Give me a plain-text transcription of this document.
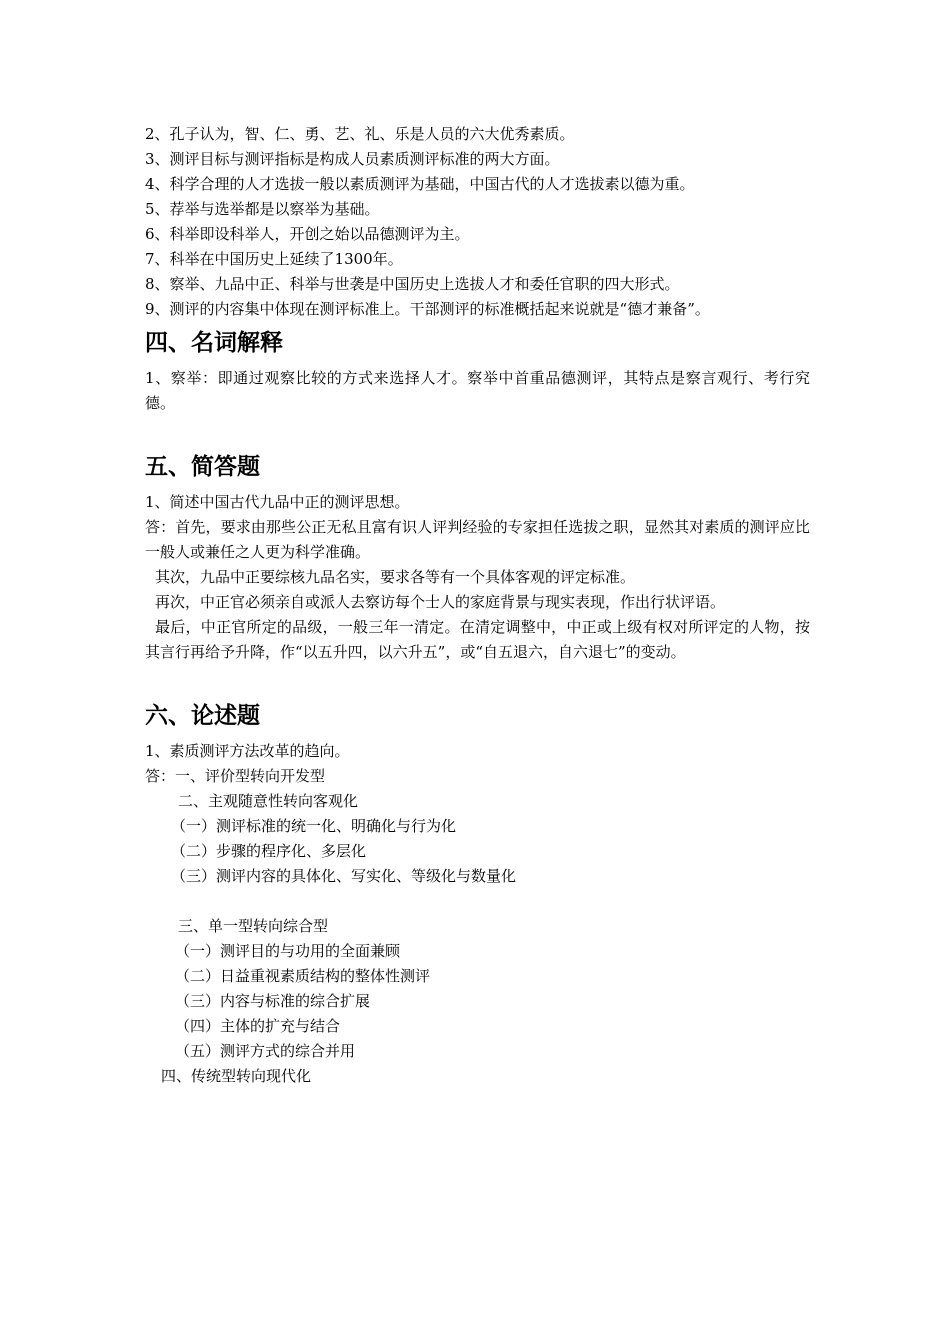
2、孔子认为，智、仁、勇、艺、礼、乐是人员的六大优秀素质。
3、测评目标与测评指标是构成人员素质测评标准的两大方面。
4、科学合理的人才选拔一般以素质测评为基础，中国古代的人才选拔素以德为重。
5、荐举与选举都是以察举为基础。
6、科举即设科举人，开创之始以品德测评为主。
7、科举在中国历史上延续了1300年。
8、察举、九品中正、科举与世袭是中国历史上选拔人才和委任官职的四大形式。
9、测评的内容集中体现在测评标准上。干部测评的标准概括起来说就是“德才兼备”。
四、名词解释
1、察举：即通过观察比较的方式来选择人才。察举中首重品德测评，其特点是察言观行、考行究德。
五、简答题
1、简述中国古代九品中正的测评思想。
答：首先，要求由那些公正无私且富有识人评判经验的专家担任选拔之职，显然其对素质的测评应比一般人或兼任之人更为科学准确。
其次，九品中正要综核九品名实，要求各等有一个具体客观的评定标准。
再次，中正官必须亲自或派人去察访每个士人的家庭背景与现实表现，作出行状评语。
最后，中正官所定的品级，一般三年一清定。在清定调整中，中正或上级有权对所评定的人物，按其言行再给予升降，作“以五升四，以六升五”，或“自五退六，自六退七”的变动。
六、论述题
1、素质测评方法改革的趋向。
答：一、评价型转向开发型
二、主观随意性转向客观化
（一）测评标准的统一化、明确化与行为化
（二）步骤的程序化、多层化
（三）测评内容的具体化、写实化、等级化与数量化
三、单一型转向综合型
（一）测评目的与功用的全面兼顾
（二）日益重视素质结构的整体性测评
（三）内容与标准的综合扩展
（四）主体的扩充与结合
（五）测评方式的综合并用
四、传统型转向现代化
